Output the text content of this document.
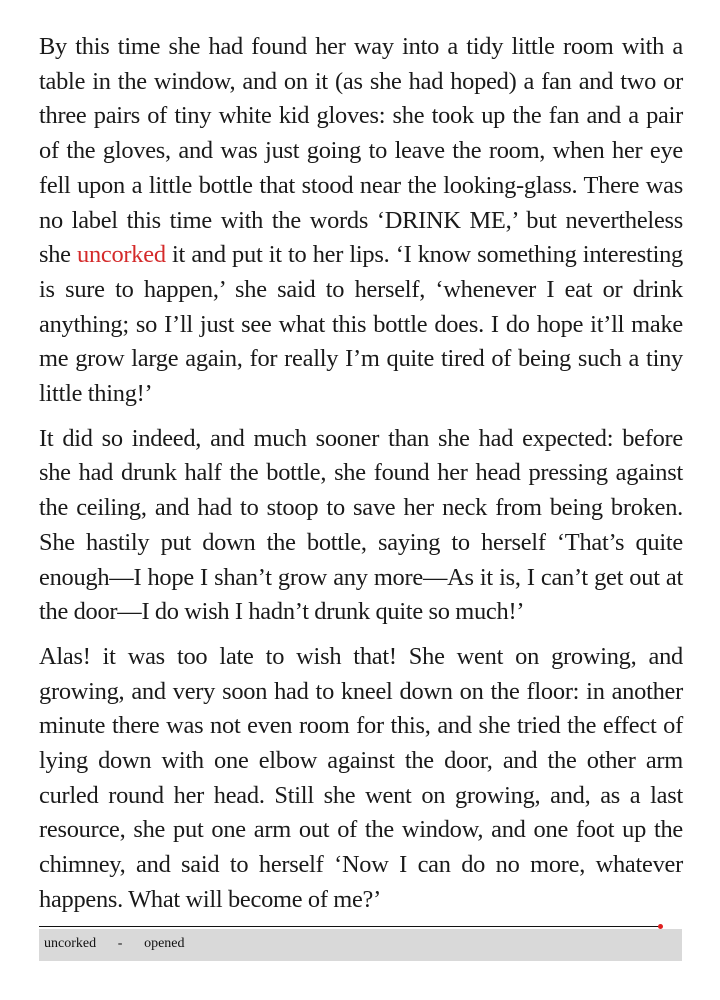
By this time she had found her way into a tidy little room with a table in the window, and on it (as she had hoped) a fan and two or three pairs of tiny white kid gloves: she took up the fan and a pair of the gloves, and was just going to leave the room, when her eye fell upon a little bottle that stood near the looking-glass. There was no label this time with the words ‘DRINK ME,’ but nevertheless she uncorked it and put it to her lips. ‘I know something interesting is sure to happen,’ she said to herself, ‘whenever I eat or drink anything; so I’ll just see what this bottle does. I do hope it’ll make me grow large again, for really I’m quite tired of being such a tiny little thing!’

It did so indeed, and much sooner than she had expected: before she had drunk half the bottle, she found her head pressing against the ceiling, and had to stoop to save her neck from being broken. She hastily put down the bottle, saying to herself ‘That’s quite enough—I hope I shan’t grow any more—As it is, I can’t get out at the door—I do wish I hadn’t drunk quite so much!’

Alas! it was too late to wish that! She went on growing, and growing, and very soon had to kneel down on the floor: in another minute there was not even room for this, and she tried the effect of lying down with one elbow against the door, and the other arm curled round her head. Still she went on growing, and, as a last resource, she put one arm out of the window, and one foot up the chimney, and said to herself ‘Now I can do no more, whatever happens. What will become of me?’

uncorked - opened
